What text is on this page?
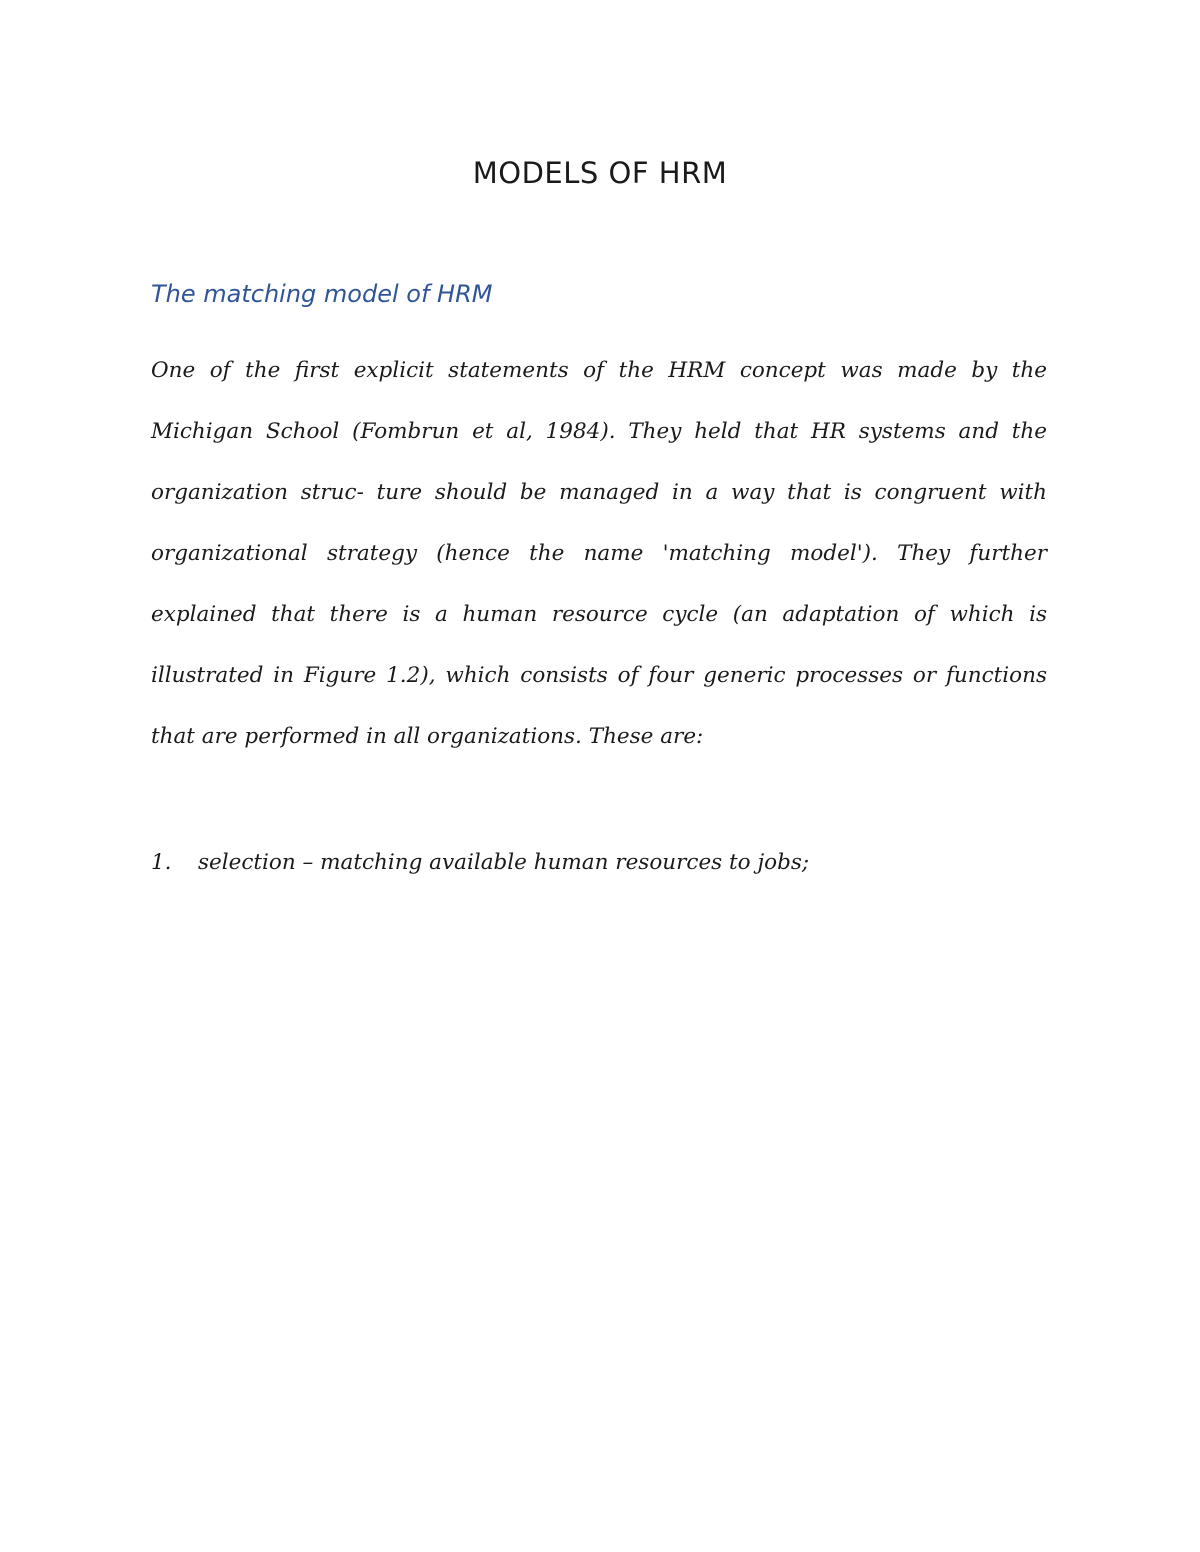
MODELS OF HRM
The matching model of HRM

One of the first explicit statements of the HRM concept was made by the
Michigan School (Fombrun et al, 1984). They held that HR systems and the
organization struc- ture should be managed in a way that is congruent with
organizational strategy (hence the name 'matching model'). They further
explained that there is a human resource cycle (an adaptation of which is
illustrated in Figure 1.2), which consists of four generic processes or functions
that are performed in all organizations. These are:

1.	selection – matching available human resources to jobs;
